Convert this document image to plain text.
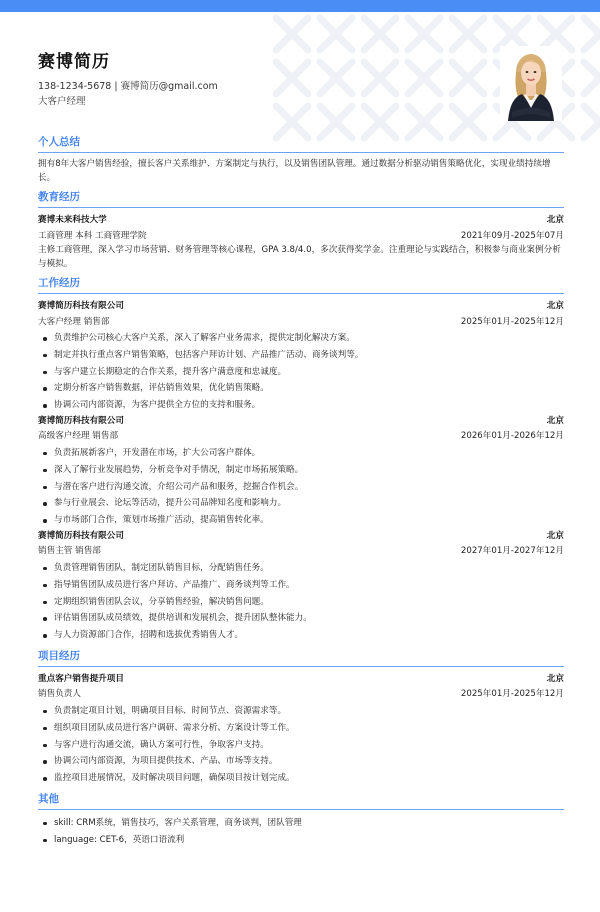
赛博简历
138-1234-5678 | 赛博简历@gmail.com
大客户经理
个人总结
拥有8年大客户销售经验，擅长客户关系维护、方案制定与执行，以及销售团队管理。通过数据分析驱动销售策略优化，实现业绩持续增长。
教育经历
赛博未来科技大学	北京
工商管理 本科 工商管理学院	2021年09月-2025年07月
主修工商管理，深入学习市场营销、财务管理等核心课程，GPA 3.8/4.0，多次获得奖学金。注重理论与实践结合，积极参与商业案例分析与模拟。
工作经历
赛博简历科技有限公司	北京
大客户经理 销售部	2025年01月-2025年12月
负责维护公司核心大客户关系，深入了解客户业务需求，提供定制化解决方案。
制定并执行重点客户销售策略，包括客户拜访计划、产品推广活动、商务谈判等。
与客户建立长期稳定的合作关系，提升客户满意度和忠诚度。
定期分析客户销售数据，评估销售效果，优化销售策略。
协调公司内部资源，为客户提供全方位的支持和服务。
赛博简历科技有限公司	北京
高级客户经理 销售部	2026年01月-2026年12月
负责拓展新客户，开发潜在市场，扩大公司客户群体。
深入了解行业发展趋势，分析竞争对手情况，制定市场拓展策略。
与潜在客户进行沟通交流，介绍公司产品和服务，挖掘合作机会。
参与行业展会、论坛等活动，提升公司品牌知名度和影响力。
与市场部门合作，策划市场推广活动，提高销售转化率。
赛博简历科技有限公司	北京
销售主管 销售部	2027年01月-2027年12月
负责管理销售团队，制定团队销售目标，分配销售任务。
指导销售团队成员进行客户拜访、产品推广、商务谈判等工作。
定期组织销售团队会议，分享销售经验，解决销售问题。
评估销售团队成员绩效，提供培训和发展机会，提升团队整体能力。
与人力资源部门合作，招聘和选拔优秀销售人才。
项目经历
重点客户销售提升项目	北京
销售负责人	2025年01月-2025年12月
负责制定项目计划，明确项目目标、时间节点、资源需求等。
组织项目团队成员进行客户调研、需求分析、方案设计等工作。
与客户进行沟通交流，确认方案可行性，争取客户支持。
协调公司内部资源，为项目提供技术、产品、市场等支持。
监控项目进展情况，及时解决项目问题，确保项目按计划完成。
其他
skill: CRM系统，销售技巧，客户关系管理，商务谈判，团队管理
language: CET-6，英语口语流利
